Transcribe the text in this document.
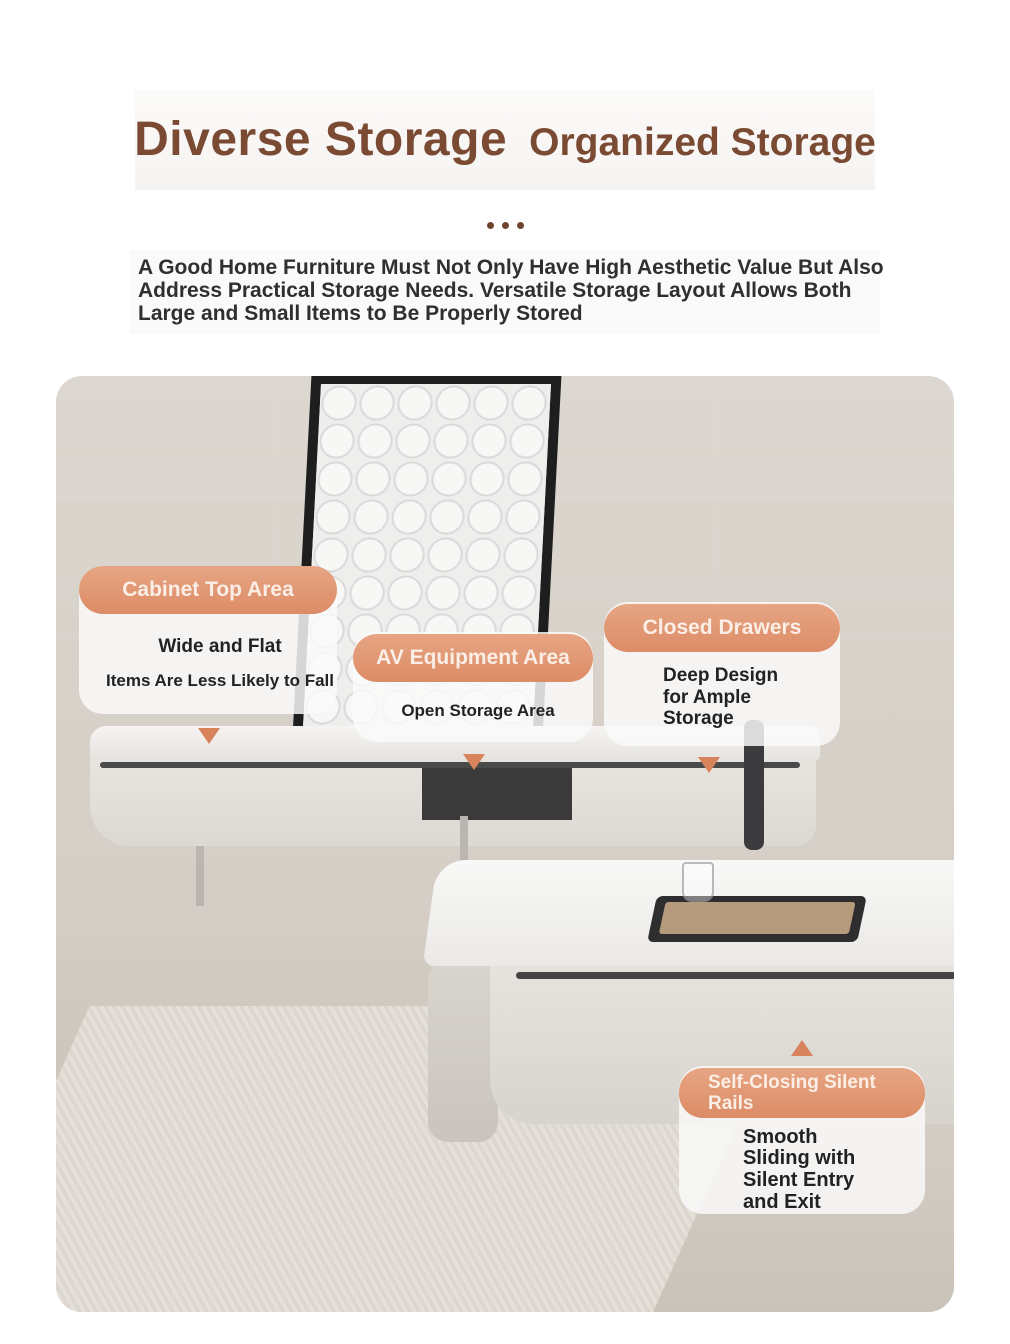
Diverse Storage Organized Storage
A Good Home Furniture Must Not Only Have High Aesthetic Value But Also Address Practical Storage Needs. Versatile Storage Layout Allows Both Large and Small Items to Be Properly Stored
Cabinet Top Area
Wide and Flat
Items Are Less Likely to Fall
AV Equipment Area
Open Storage Area
Closed Drawers
Deep Design
for Ample
Storage
Self-Closing Silent
Rails
Smooth
Sliding with
Silent Entry
and Exit
